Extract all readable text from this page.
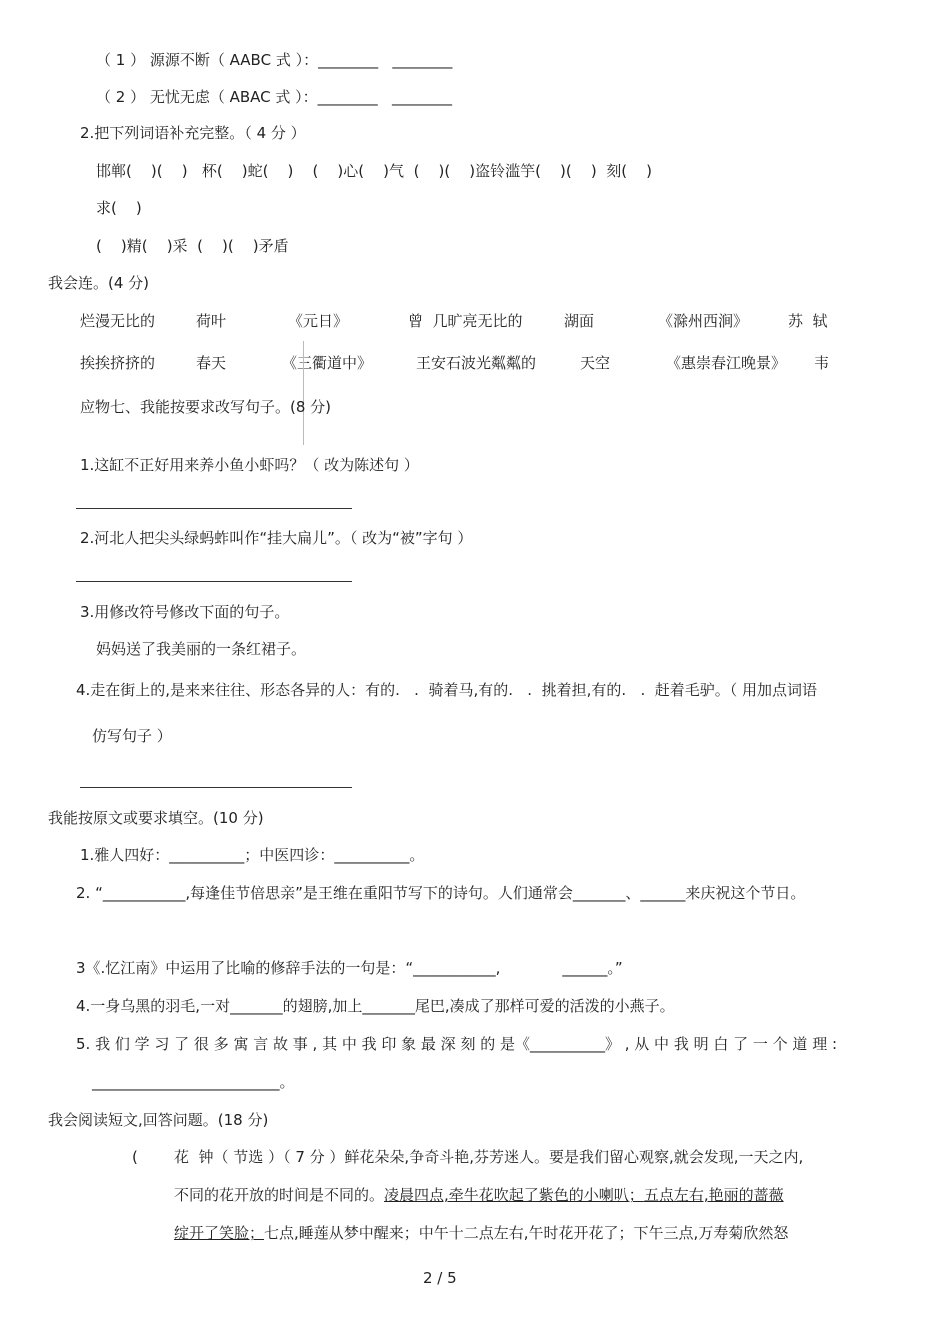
（ 1 ） 源源不断（ AABC 式 ）：________   ________
（ 2 ） 无忧无虑（ ABAC 式 ）：________   ________
2.把下列词语补充完整。（ 4 分 ）
邯郸(    )(    )   杯(    )蛇(    )    (    )心(    )气  (    )(    )盗铃滥竽(    )(    )  刻(    )
求(    )
(    )精(    )采  (    )(    )矛盾
我会连。(4 分)
烂漫无比的	荷叶	《元日》	曾  几旷亮无比的	湖面	《滁州西涧》	苏  轼
挨挨挤挤的	春天	《三衢道中》	王安石波光粼粼的	天空	《惠崇春江晚景》 韦
应物七、我能按要求改写句子。(8 分)
1.这缸不正好用来养小鱼小虾吗？（ 改为陈述句 ）
2.河北人把尖头绿蚂蚱叫作“挂大扁儿”。（ 改为“被”字句 ）
3.用修改符号修改下面的句子。
妈妈送了我美丽的一条红裙子。
4.走在街上的,是来来往往、形态各异的人：有的.   .  骑着马,有的.   .  挑着担,有的.   .  赶着毛驴。（ 用加点词语
仿写句子 ）
我能按原文或要求填空。(10 分)
1.雅人四好：__________；中医四诊：__________。
2. “___________,每逢佳节倍思亲”是王维在重阳节写下的诗句。人们通常会_______、______来庆祝这个节日。
3《.忆江南》中运用了比喻的修辞手法的一句是：“___________,             ______。”
4.一身乌黑的羽毛,一对_______的翅膀,加上_______尾巴,凑成了那样可爱的活泼的小燕子。
5. 我 们 学 习 了 很 多 寓 言 故 事 , 其 中 我 印 象 最 深 刻 的 是《__________》 , 从 中 我 明 白 了 一 个 道 理 :
_________________________。
我会阅读短文,回答问题。(18 分)
( 花  钟（ 节选 ）（ 7 分 ）鲜花朵朵,争奇斗艳,芬芳迷人。要是我们留心观察,就会发现,一天之内,
不同的花开放的时间是不同的。凌晨四点,牵牛花吹起了紫色的小喇叭；五点左右,艳丽的蔷薇
绽开了笑脸；七点,睡莲从梦中醒来；中午十二点左右,午时花开花了；下午三点,万寿菊欣然怒
2 / 5
